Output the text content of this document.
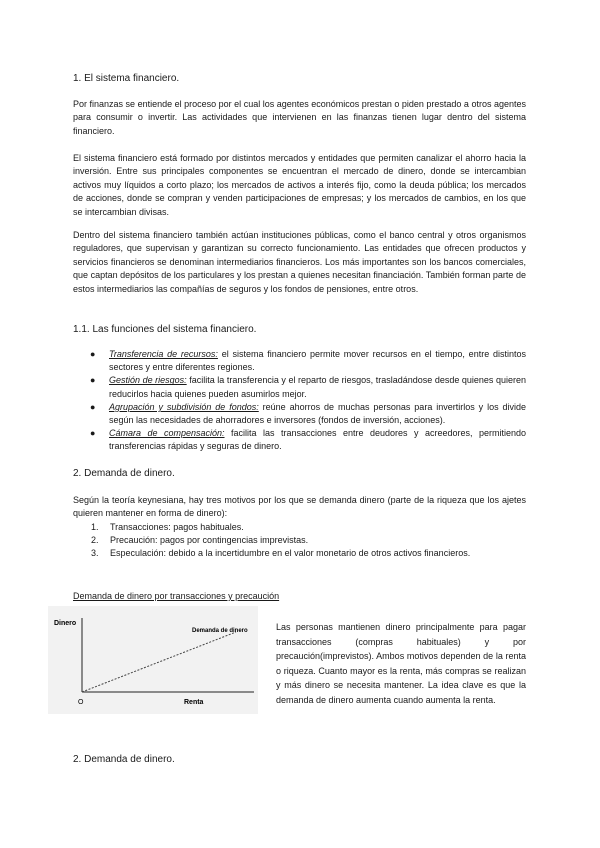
1. El sistema financiero.

Por finanzas se entiende el proceso por el cual los agentes económicos prestan o piden prestado a otros agentes para consumir o invertir. Las actividades que intervienen en las finanzas tienen lugar dentro del sistema financiero.

El sistema financiero está formado por distintos mercados y entidades que permiten canalizar el ahorro hacia la inversión. Entre sus principales componentes se encuentran el mercado de dinero, donde se intercambian activos muy líquidos a corto plazo; los mercados de activos a interés fijo, como la deuda pública; los mercados de acciones, donde se compran y venden participaciones de empresas; y los mercados de cambios, en los que se intercambian divisas.

Dentro del sistema financiero también actúan instituciones públicas, como el banco central y otros organismos reguladores, que supervisan y garantizan su correcto funcionamiento. Las entidades que ofrecen productos y servicios financieros se denominan intermediarios financieros. Los más importantes son los bancos comerciales, que captan depósitos de los particulares y los prestan a quienes necesitan financiación. También forman parte de estos intermediarios las compañías de seguros y los fondos de pensiones, entre otros.

1.1. Las funciones del sistema financiero.
● Transferencia de recursos: el sistema financiero permite mover recursos en el tiempo, entre distintos sectores y entre diferentes regiones.
● Gestión de riesgos: facilita la transferencia y el reparto de riesgos, trasladándose desde quienes quieren reducirlos hacia quienes pueden asumirlos mejor.
● Agrupación y subdivisión de fondos: reúne ahorros de muchas personas para invertirlos y los divide según las necesidades de ahorradores e inversores (fondos de inversión, acciones).
● Cámara de compensación: facilita las transacciones entre deudores y acreedores, permitiendo transferencias rápidas y seguras de dinero.
2. Demanda de dinero.

Según la teoría keynesiana, hay tres motivos por los que se demanda dinero (parte de la riqueza que los ajetes quieren mantener en forma de dinero):

1. Transacciones: pagos habituales.
2. Precaución: pagos por contingencias imprevistas.
3. Especulación: debido a la incertidumbre en el valor monetario de otros activos financieros.
Demanda de dinero por transacciones y precaución
Dinero
Renta
O
Demanda de dinero	Las personas mantienen dinero principalmente para pagar transacciones (compras habituales) y por precaución(imprevistos). Ambos motivos dependen de la renta o riqueza. Cuanto mayor es la renta, más compras se realizan y más dinero se necesita mantener. La idea clave es que la demanda de dinero aumenta cuando aumenta la renta.

2. Demanda de dinero.
